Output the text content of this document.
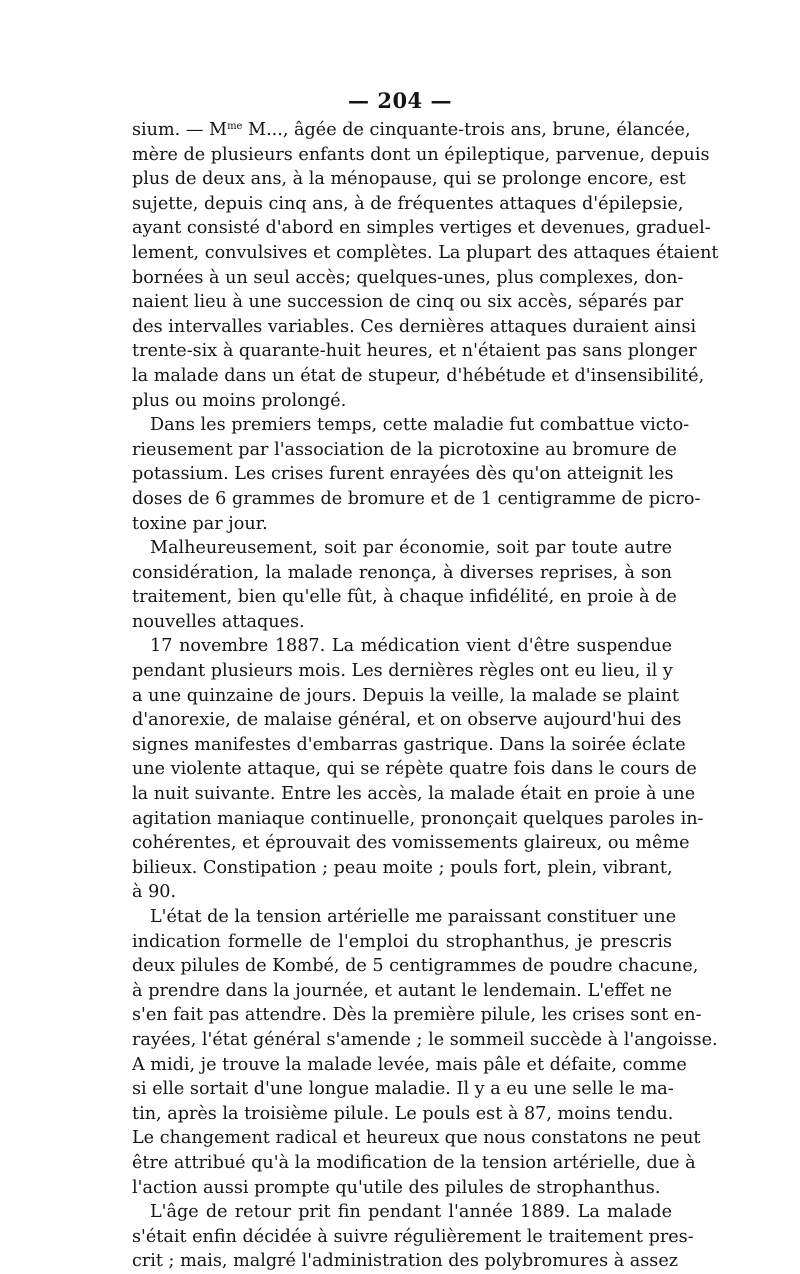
— 204 —
sium. — $M^{me}$ M..., âgée de cinquante-trois ans, brune, élancée,
mère de plusieurs enfants dont un épileptique, parvenue, depuis
plus de deux ans, à la ménopause, qui se prolonge encore, est
sujette, depuis cinq ans, à de fréquentes attaques d'épilepsie,
ayant consisté d'abord en simples vertiges et devenues, graduel-
lement, convulsives et complètes. La plupart des attaques étaient
bornées à un seul accès; quelques-unes, plus complexes, don-
naient lieu à une succession de cinq ou six accès, séparés par
des intervalles variables. Ces dernières attaques duraient ainsi
trente-six à quarante-huit heures, et n'étaient pas sans plonger
la malade dans un état de stupeur, d'hébétude et d'insensibilité,
plus ou moins prolongé.
Dans les premiers temps, cette maladie fut combattue victo-
rieusement par l'association de la picrotoxine au bromure de
potassium. Les crises furent enrayées dès qu'on atteignit les
doses de 6 grammes de bromure et de 1 centigramme de picro-
toxine par jour.
Malheureusement, soit par économie, soit par toute autre
considération, la malade renonça, à diverses reprises, à son
traitement, bien qu'elle fût, à chaque infidélité, en proie à de
nouvelles attaques.
17 novembre 1887. La médication vient d'être suspendue
pendant plusieurs mois. Les dernières règles ont eu lieu, il y
a une quinzaine de jours. Depuis la veille, la malade se plaint
d'anorexie, de malaise général, et on observe aujourd'hui des
signes manifestes d'embarras gastrique. Dans la soirée éclate
une violente attaque, qui se répète quatre fois dans le cours de
la nuit suivante. Entre les accès, la malade était en proie à une
agitation maniaque continuelle, prononçait quelques paroles in-
cohérentes, et éprouvait des vomissements glaireux, ou même
bilieux. Constipation ; peau moite ; pouls fort, plein, vibrant,
à 90.
L'état de la tension artérielle me paraissant constituer une
indication formelle de l'emploi du strophanthus, je prescris
deux pilules de Kombé, de 5 centigrammes de poudre chacune,
à prendre dans la journée, et autant le lendemain. L'effet ne
s'en fait pas attendre. Dès la première pilule, les crises sont en-
rayées, l'état général s'amende ; le sommeil succède à l'angoisse.
A midi, je trouve la malade levée, mais pâle et défaite, comme
si elle sortait d'une longue maladie. Il y a eu une selle le ma-
tin, après la troisième pilule. Le pouls est à 87, moins tendu.
Le changement radical et heureux que nous constatons ne peut
être attribué qu'à la modification de la tension artérielle, due à
l'action aussi prompte qu'utile des pilules de strophanthus.
L'âge de retour prit fin pendant l'année 1889. La malade
s'était enfin décidée à suivre régulièrement le traitement pres-
crit ; mais, malgré l'administration des polybromures à assez
